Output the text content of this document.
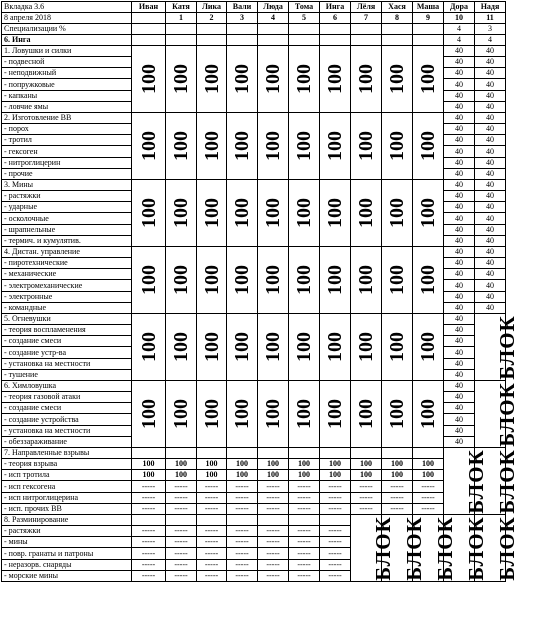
Вкладка 3.6	Иван	Катя	Лика	Вали	Люда	Тома	Инга	Лёля	Хася	Маша	Дора	Надя
8 апреля 2018		1	2	3	4	5	6	7	8	9	10	11
Специализации %											4	3
6. Инга											4	4
1. Ловушки и силки	100	100	100	100	100	100	100	100	100	100	40	40
- подвесной											40	40
- неподвижный											40	40
- попружковые											40	40
- капканы											40	40
- ловчие ямы											40	40
2. Изготовление ВВ	100	100	100	100	100	100	100	100	100	100	40	40
- порох											40	40
- тротил											40	40
- гексоген											40	40
- нитроглицерин											40	40
- прочие											40	40
3. Мины	100	100	100	100	100	100	100	100	100	100	40	40
- растяжки											40	40
- ударные											40	40
- осколочные											40	40
- шрапнельные											40	40
- термич. и кумулятив.											40	40
4. Дистан. управление	100	100	100	100	100	100	100	100	100	100	40	40
- пиротехнические											40	40
- механические											40	40
- электромеханические											40	40
- электронные											40	40
- командные											40	40
5. Огневушки	100	100	100	100	100	100	100	100	100	100	40	БЛОК
- теория воспламенения											40	
- создание смеси											40	
- создание устр-ва											40	
- установка на местности											40	
- тушение											40	
6. Химловушка	100	100	100	100	100	100	100	100	100	100	40	БЛОК
- теория газовой атаки											40	
- создание смеси											40	
- создание устройства											40	
- установка на местности											40	
- обеззараживание											40	
7. Направленные взрывы											БЛОК	БЛОК
- теория взрыва	100	100	100	100	100	100	100	100	100	100		
- исп тротила	100	100	100	100	100	100	100	100	100	100		
- исп гексогена	-----	-----	-----	-----	-----	-----	-----	-----	-----	-----		
- исп нитроглицерина	-----	-----	-----	-----	-----	-----	-----	-----	-----	-----		
- исп. прочих ВВ	-----	-----	-----	-----	-----	-----	-----	-----	-----	-----		
8. Разминирование								БЛОК	БЛОК	БЛОК	БЛОК	БЛОК
- растяжки	-----	-----	-----	-----	-----	-----	-----					
- мины	-----	-----	-----	-----	-----	-----	-----					
- повр. гранаты и патроны	-----	-----	-----	-----	-----	-----	-----					
- неразорв. снаряды	-----	-----	-----	-----	-----	-----	-----					
- морские мины	-----	-----	-----	-----	-----	-----	-----					
